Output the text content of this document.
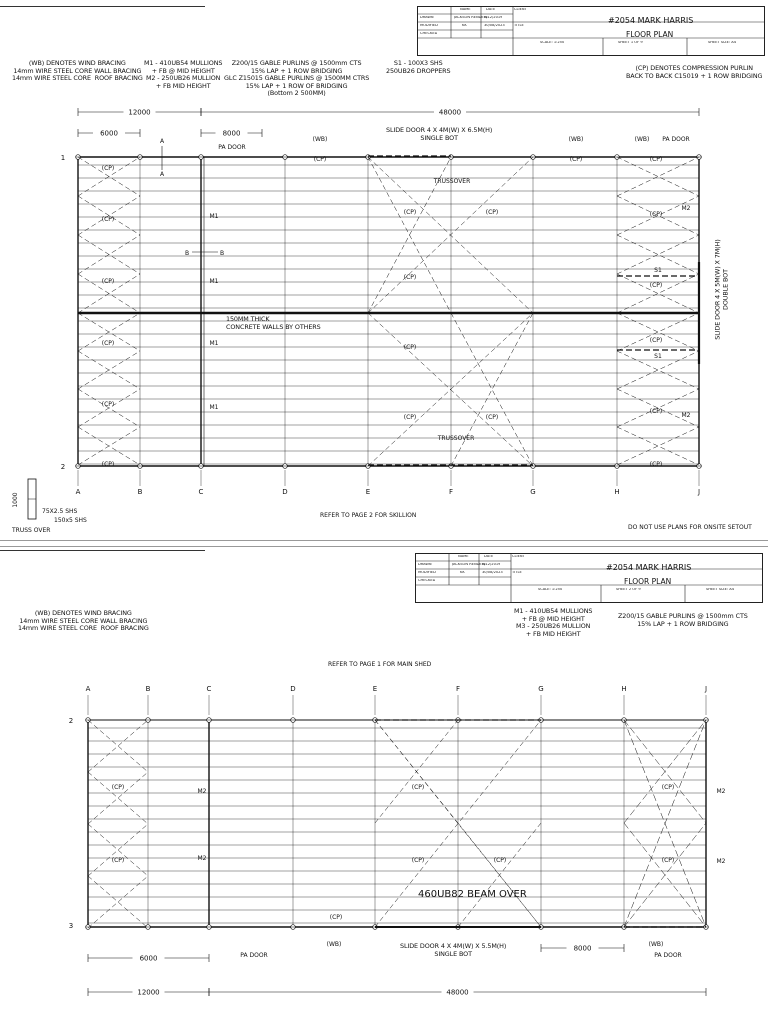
NAME	DATE	CLIENT
DRAWN	JACKSON RENDELL
9/12/2019
MODIFIED	KK	30/08/2023
CHECKED
TITLE	#2054 MARK HARRIS
FLOOR PLAN
SCALE: 1:250	SHEET 1 OF 9	SHEET SIZE: A4
(WB) DENOTES WIND BRACING
14mm WIRE STEEL CORE WALL BRACING
14mm WIRE STEEL CORE  ROOF BRACING
M1 - 410UB54 MULLIONS
+ FB @ MID HEIGHT
M2 - 250UB26 MULLION
+ FB MID HEIGHT
Z200/15 GABLE PURLINS @ 1500mm CTS
15% LAP + 1 ROW BRIDGING
GLC Z15015 GABLE PURLINS @ 1500MM CTRS
15% LAP + 1 ROW OF BRIDGING
(Bottom 2 500MM)
S1 - 100X3 SHS
250UB26 DROPPERS	(CP) DENOTES COMPRESSION PURLIN
BACK TO BACK C15019 + 1 ROW BRIDGING
12000	48000
6000	8000
A	B	C	D	E	F	G	H	J
1
2
(CP)
(CP)
(CP)
(CP)
(CP)
(CP)
(CP)
(CP)	(CP)
(CP)
(CP)
(CP)	(CP)
(CP)	(CP)
(CP)
(CP)
(CP)
(CP)
(CP)
M1
M1
M1
M1
M2
M2
S1
S1
TRUSSOVER
TRUSSOVER
PA DOOR
(WB)	(WB)	(WB) PA DOOR
A
A
B	B
1000
150MM THICK
CONCRETE WALLS BY OTHERS
SLIDE DOOR 4 X 4M(W) X 6.5M(H)
SINGLE BOT
SLIDE DOOR 4 X 5M(W) X 7M(H)
DOUBLE BOT
REFER TO PAGE 2 FOR SKILLION
DO NOT USE PLANS FOR ONSITE SETOUT
75X2.5 SHS
150x5 SHS
TRUSS OVER
NAME	DATE	CLIENT
DRAWN	JACKSON RENDELL
9/12/2019
MODIFIED	KK	30/08/2023
CHECKED
TITLE	#2054 MARK HARRIS
FLOOR PLAN
SCALE: 1:250	SHEET 2 OF 9	SHEET SIZE: A4
(WB) DENOTES WIND BRACING
14mm WIRE STEEL CORE WALL BRACING
14mm WIRE STEEL CORE  ROOF BRACING
M1 - 410UB54 MULLIONS
+ FB @ MID HEIGHT
M3 - 250UB26 MULLION
+ FB MID HEIGHT
Z200/15 GABLE PURLINS @ 1500mm CTS
15% LAP + 1 ROW BRIDGING
REFER TO PAGE 1 FOR MAIN SHED
A	B	C	D	E	F	G	H	J
2
3
(CP)
(CP)
(CP)
(CP)	(CP)
(CP)
(CP)
(CP)
M2
M2
M2
M2
PA DOOR
(WB)	(WB)
PA DOOR
6000
8000
12000	48000
460UB82 BEAM OVER
SLIDE DOOR 4 X 4M(W) X 5.5M(H)
SINGLE BOT
